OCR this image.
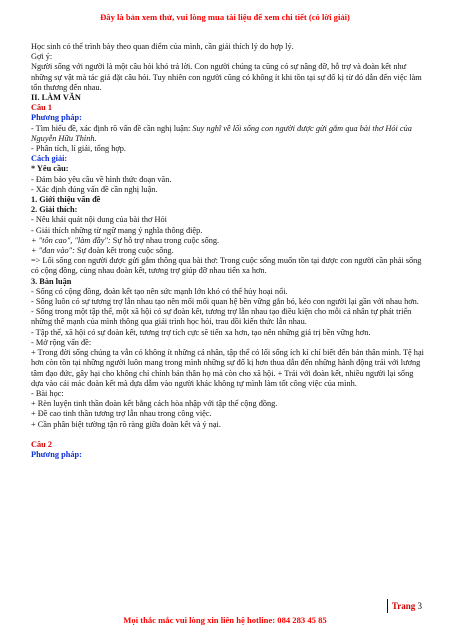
Đây là bản xem thử, vui lòng mua tài liệu để xem chi tiết (có lời giải)

Học sinh có thể trình bày theo quan điểm của mình, cần giải thích lý do hợp lý.

Gợi ý:

Người sống với người là một câu hỏi khó trả lời. Con người chúng ta cũng có sự nâng đỡ, hỗ trợ và đoàn kết như những sự vật mà tác giả đặt câu hỏi. Tuy nhiên con người cũng có không ít khi tồn tại sự đố kị từ đó dẫn đến việc làm tổn thương đến nhau.

II. LÀM VĂN

Câu 1

Phương pháp:

- Tìm hiểu đề, xác định rõ vấn đề cần nghị luận: Suy nghĩ về lối sống con người được gửi gắm qua bài thơ Hỏi của Nguyễn Hữu Thỉnh.

- Phân tích, lí giải, tổng hợp.

Cách giải:

* Yêu cầu:

- Đảm bảo yêu cầu về hình thức đoạn văn.

- Xác định đúng vấn đề cần nghị luận.

1. Giới thiệu vấn đề

2. Giải thích:

- Nêu khái quát nội dung của bài thơ Hỏi

- Giải thích những từ ngữ mang ý nghĩa thông điệp.

+ "tôn cao", "làm đầy": Sự hỗ trợ nhau trong cuộc sống.

+ "đan vào": Sự đoàn kết trong cuộc sống.

=> Lối sống con người được gửi gắm thông qua bài thơ: Trong cuộc sống muốn tồn tại được con người cần phải sống có cộng đồng, cùng nhau đoàn kết, tương trợ giúp đỡ nhau tiến xa hơn.

3. Bàn luận

- Sống có cộng đồng, đoàn kết tạo nên sức mạnh lớn khó có thể hủy hoại nổi.

- Sống luôn có sự tương trợ lẫn nhau tạo nên mối mối quan hệ bền vững gắn bó, kéo con người lại gần với nhau hơn.

- Sống trong một tập thể, một xã hội có sự đoàn kết, tương trợ lẫn nhau tạo điều kiện cho mỗi cá nhân tự phát triển những thế mạnh của mình thông qua giải trình học hỏi, trau dồi kiến thức lẫn nhau.

- Tập thể, xã hội có sự đoàn kết, tương trợ tích cực sẽ tiến xa hơn, tạo nên những giá trị bền vững hơn.

- Mở rộng vấn đề:

+ Trong đời sống chúng ta vẫn có không ít những cá nhân, tập thể có lối sống ích kỉ chỉ biết đến bản thân mình. Tệ hại hơn còn tồn tại những người luôn mang trong mình những sự đố kị hơn thua dẫn đến những hành động trái với lương tâm đạo đức, gây hại cho không chỉ chính bản thân họ mà còn cho xã hội. + Trái với đoàn kết, nhiều người lại sống dựa vào cái mác đoàn kết mà dựa dẫm vào người khác không tự mình làm tốt công việc của mình.

- Bài học:

+ Rèn luyện tinh thần đoàn kết bằng cách hòa nhập với tập thể cộng đồng.

+ Đề cao tinh thần tương trợ lẫn nhau trong công việc.

+ Cần phân biệt tường tận rõ ràng giữa đoàn kết và ỷ nại.

Câu 2

Phương pháp:

Trang 3
Mọi thắc mắc vui lòng xin liên hệ hotline: 084 283 45 85
